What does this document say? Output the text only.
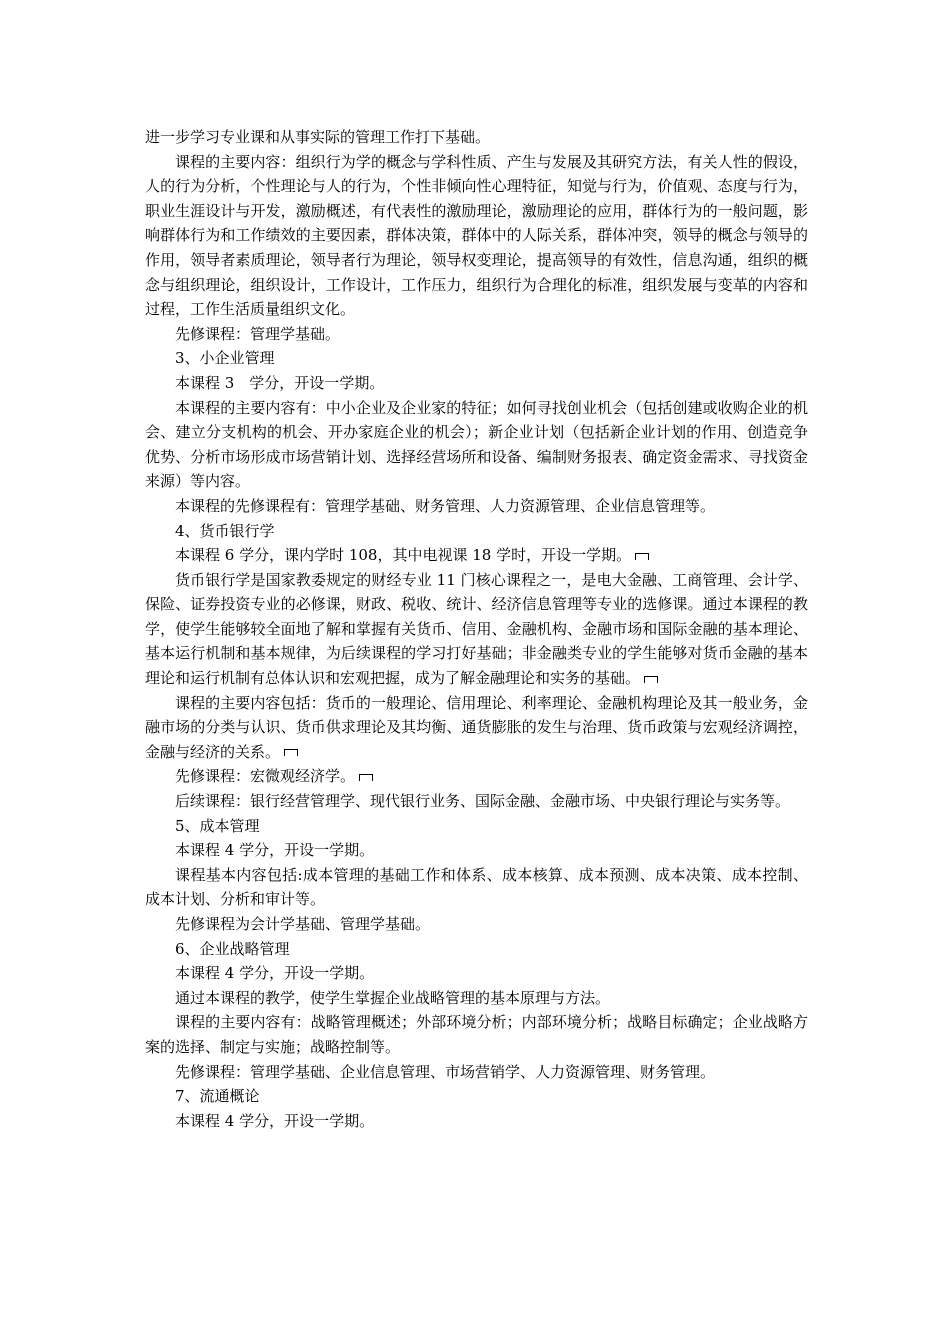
进一步学习专业课和从事实际的管理工作打下基础。

课程的主要内容：组织行为学的概念与学科性质、产生与发展及其研究方法，有关人性的假设，人的行为分析，个性理论与人的行为，个性非倾向性心理特征，知觉与行为，价值观、态度与行为，职业生涯设计与开发，激励概述，有代表性的激励理论，激励理论的应用，群体行为的一般问题，影响群体行为和工作绩效的主要因素，群体决策，群体中的人际关系，群体冲突，领导的概念与领导的作用，领导者素质理论，领导者行为理论，领导权变理论，提高领导的有效性，信息沟通，组织的概念与组织理论，组织设计，工作设计，工作压力，组织行为合理化的标准，组织发展与变革的内容和过程，工作生活质量组织文化。

先修课程：管理学基础。

3、小企业管理

本课程 3　学分，开设一学期。

本课程的主要内容有：中小企业及企业家的特征；如何寻找创业机会（包括创建或收购企业的机会、建立分支机构的机会、开办家庭企业的机会）；新企业计划（包括新企业计划的作用、创造竞争优势、分析市场形成市场营销计划、选择经营场所和设备、编制财务报表、确定资金需求、寻找资金来源）等内容。

本课程的先修课程有：管理学基础、财务管理、人力资源管理、企业信息管理等。

4、货币银行学

本课程 6 学分，课内学时 108，其中电视课 18 学时，开设一学期。

货币银行学是国家教委规定的财经专业 11 门核心课程之一，是电大金融、工商管理、会计学、保险、证券投资专业的必修课，财政、税收、统计、经济信息管理等专业的选修课。通过本课程的教学，使学生能够较全面地了解和掌握有关货币、信用、金融机构、金融市场和国际金融的基本理论、基本运行机制和基本规律，为后续课程的学习打好基础；非金融类专业的学生能够对货币金融的基本理论和运行机制有总体认识和宏观把握，成为了解金融理论和实务的基础。

课程的主要内容包括：货币的一般理论、信用理论、利率理论、金融机构理论及其一般业务，金融市场的分类与认识、货币供求理论及其均衡、通货膨胀的发生与治理、货币政策与宏观经济调控，金融与经济的关系。

先修课程：宏微观经济学。

后续课程：银行经营管理学、现代银行业务、国际金融、金融市场、中央银行理论与实务等。

5、成本管理

本课程 4 学分，开设一学期。

课程基本内容包括:成本管理的基础工作和体系、成本核算、成本预测、成本决策、成本控制、成本计划、分析和审计等。

先修课程为会计学基础、管理学基础。

6、企业战略管理

本课程 4 学分，开设一学期。

通过本课程的教学，使学生掌握企业战略管理的基本原理与方法。

课程的主要内容有：战略管理概述；外部环境分析；内部环境分析；战略目标确定；企业战略方案的选择、制定与实施；战略控制等。

先修课程：管理学基础、企业信息管理、市场营销学、人力资源管理、财务管理。

7、流通概论

本课程 4 学分，开设一学期。
